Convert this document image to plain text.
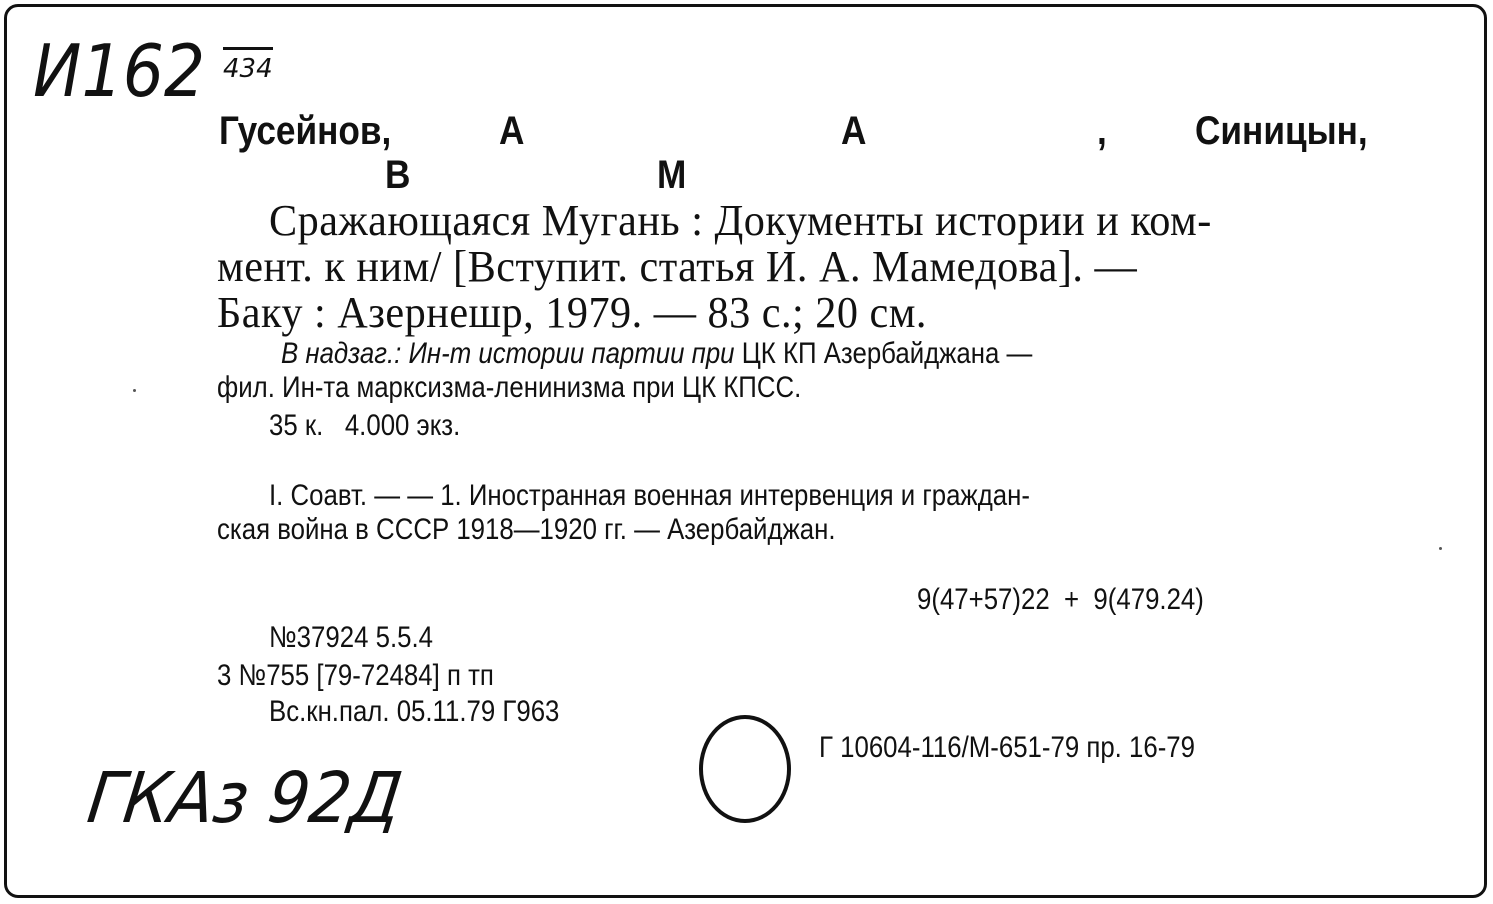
И162 434
Гусейнов,	А	А	, Синицын,
В	М
Сражающаяся Мугань : Документы истории и ком-
мент. к ним/ [Вступит. статья И. А. Мамедова]. —
Баку : Азернешр, 1979. — 83 с.; 20 см.
В надзаг.: Ин-т истории партии при ЦК КП Азербайджана —
фил. Ин-та марксизма-ленинизма при ЦК КПСС.
35 к.   4.000 экз.
I. Соавт. — — 1. Иностранная военная интервенция и граждан-
ская война в СССР 1918—1920 гг. — Азербайджан.
9(47+57)22  +  9(479.24)
№37924 5.5.4
3 №755 [79-72484] п тп
Вс.кн.пал. 05.11.79 Г963
Г 10604-116/М-651-79 пр. 16-79
ГКАз 92Д
